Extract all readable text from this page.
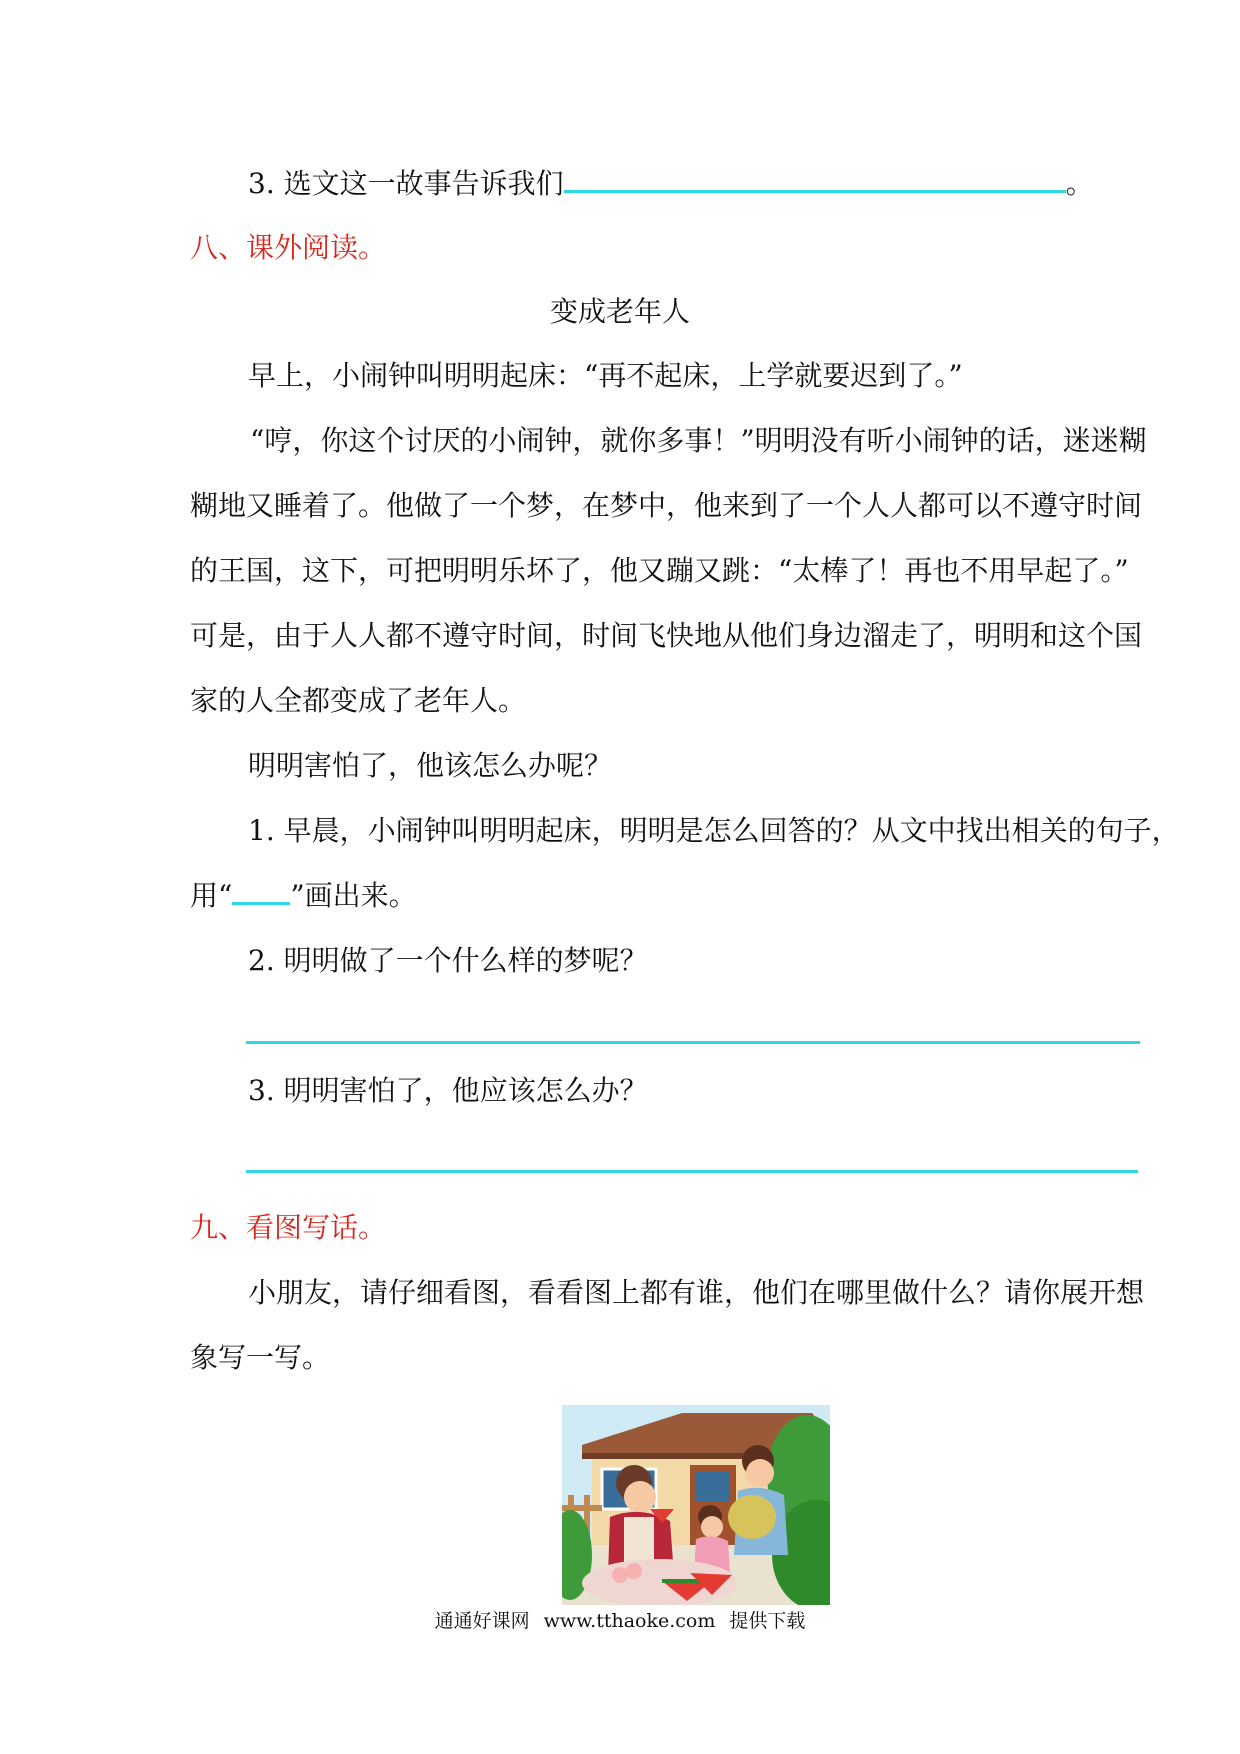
3. 选文这一故事告诉我们	。
八、课外阅读。
变成老年人
早上，小闹钟叫明明起床：“再不起床，上学就要迟到了。”
“哼，你这个讨厌的小闹钟，就你多事！”明明没有听小闹钟的话，迷迷糊
糊地又睡着了。他做了一个梦，在梦中，他来到了一个人人都可以不遵守时间
的王国，这下，可把明明乐坏了，他又蹦又跳：“太棒了！再也不用早起了。”
可是，由于人人都不遵守时间，时间飞快地从他们身边溜走了，明明和这个国
家的人全都变成了老年人。
明明害怕了，他该怎么办呢？
1. 早晨，小闹钟叫明明起床，明明是怎么回答的？从文中找出相关的句子，
用“ ”画出来。
2. 明明做了一个什么样的梦呢？
3. 明明害怕了，他应该怎么办？
九、看图写话。
小朋友，请仔细看图，看看图上都有谁，他们在哪里做什么？请你展开想
象写一写。
通通好课网 www.tthaoke.com 提供下载
